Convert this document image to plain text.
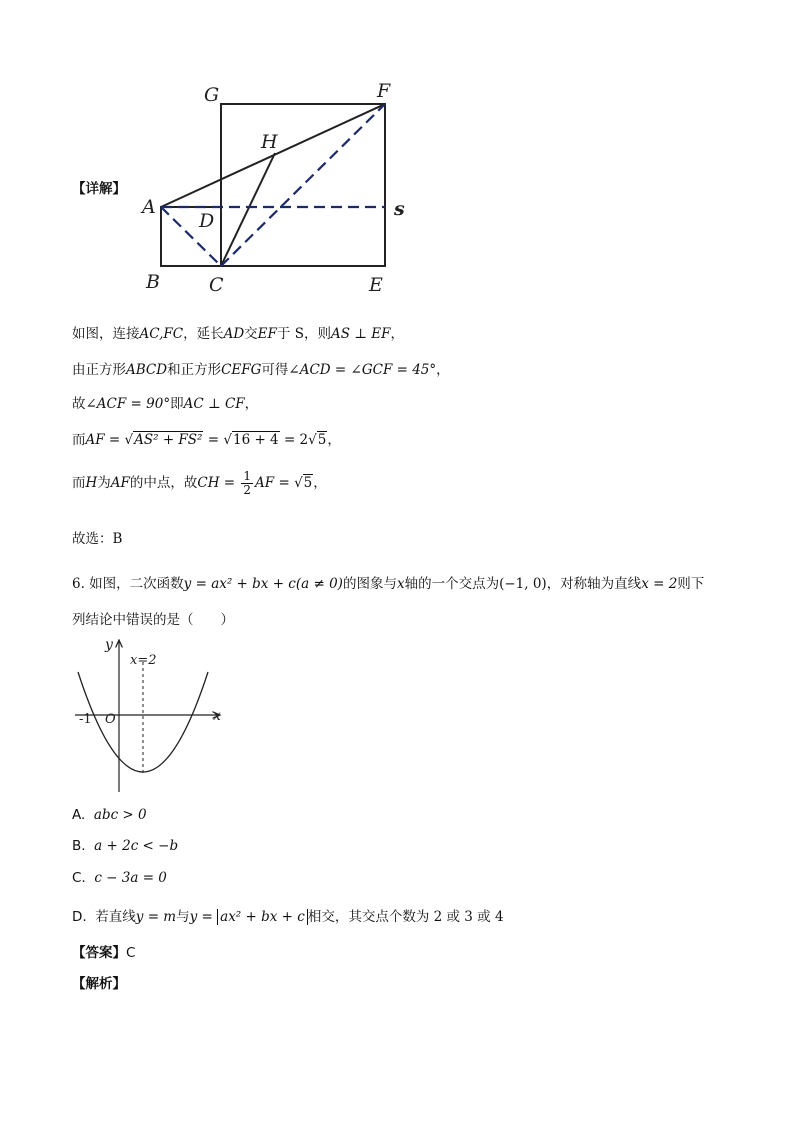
G	F
H
A
D
s
B	C	E
【详解】
如图，连接AC,FC，延长AD交EF于 S，则AS ⊥ EF，
由正方形ABCD和正方形CEFG可得∠ACD = ∠GCF = 45°，
故∠ACF = 90°即AC ⊥ CF，
而AF = √AS² + FS² = √16 + 4 = 2√5，
而H为AF的中点，故CH = $\frac{1}{2}$ AF = √5，
故选：B
6. 如图，二次函数y = ax² + bx + c(a ≠ 0)的图象与x轴的一个交点为(−1, 0)，对称轴为直线x = 2则下
列结论中错误的是（　　）
y
x
O
-1
x=2
A. abc > 0
B. a + 2c < −b
C. c − 3a = 0
D. 若直线y = m与y = ax² + bx + c 相交，其交点个数为 2 或 3 或 4
【答案】C
【解析】
